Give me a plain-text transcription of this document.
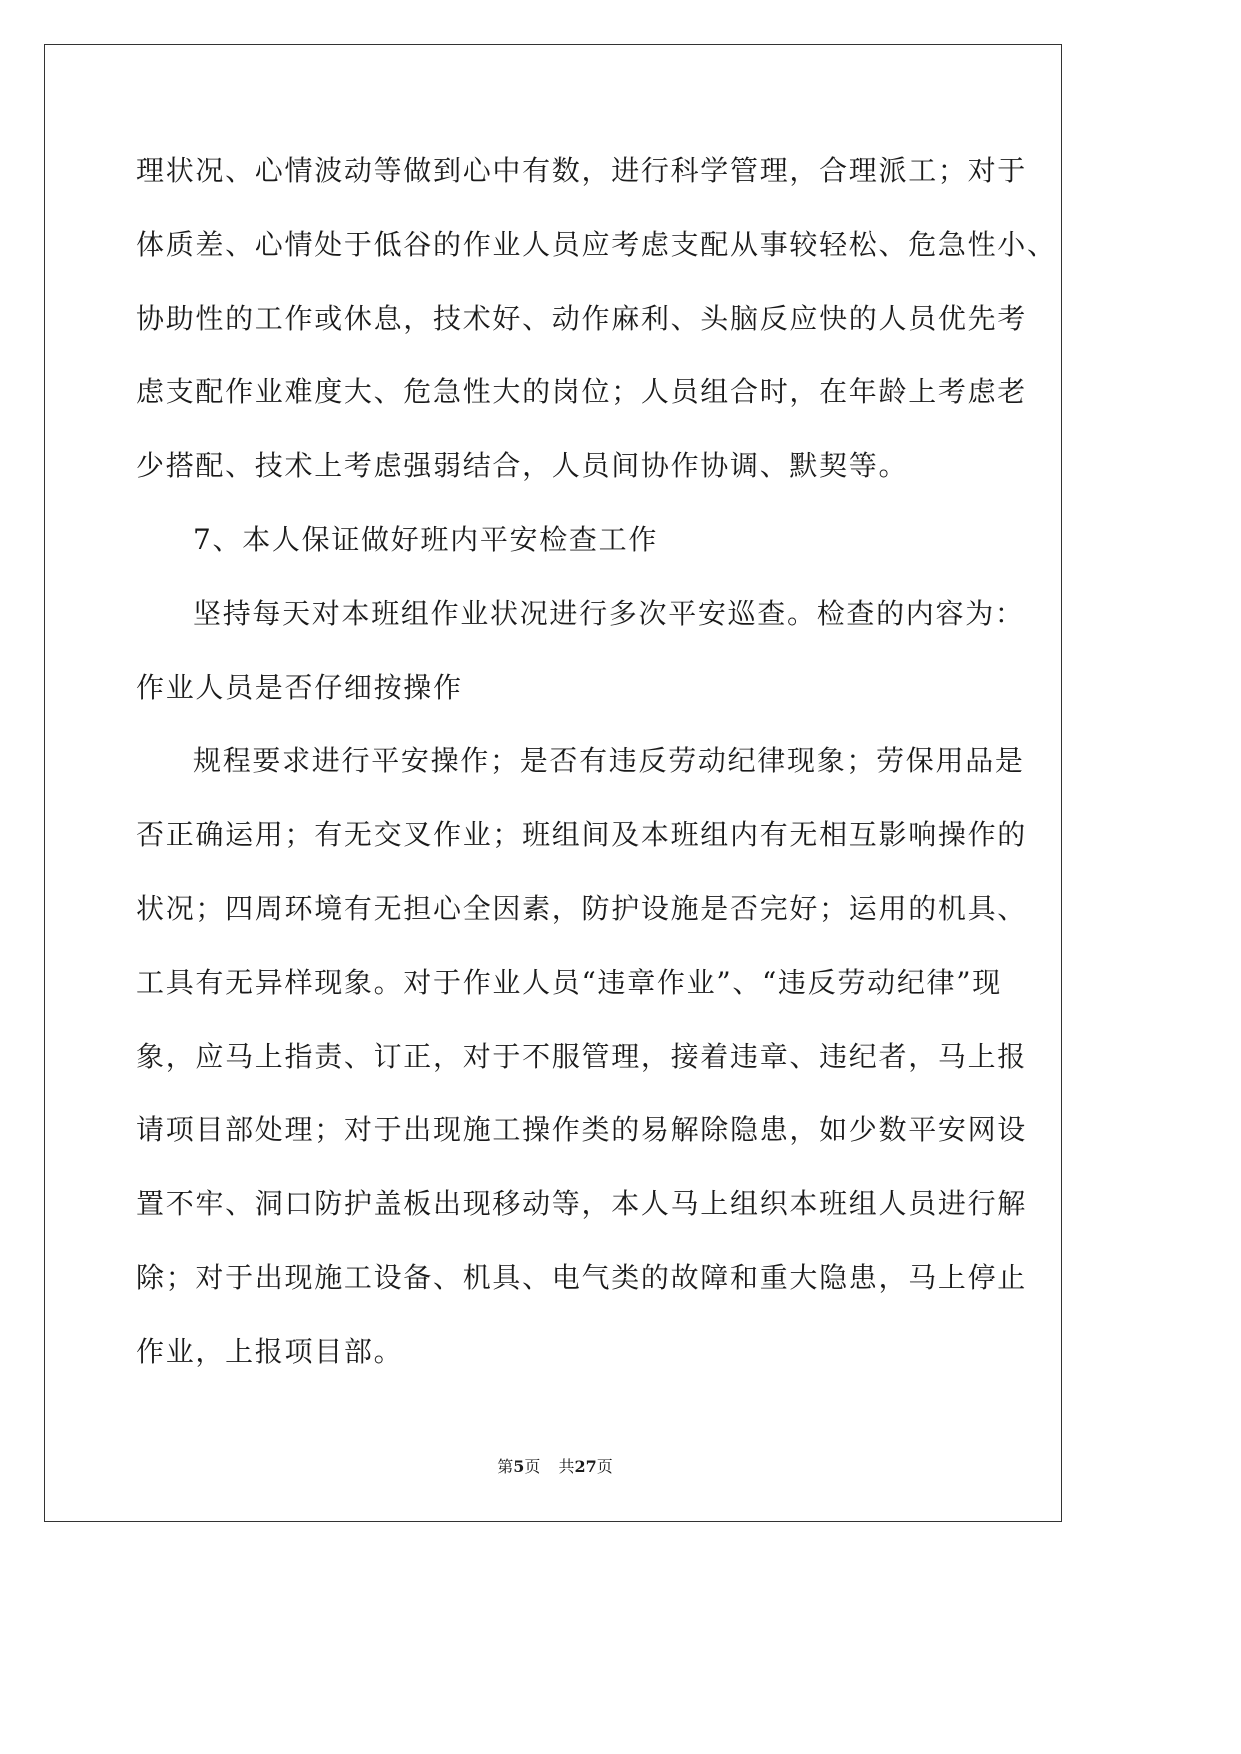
理状况、心情波动等做到心中有数，进行科学管理，合理派工；对于
体质差、心情处于低谷的作业人员应考虑支配从事较轻松、危急性小、
协助性的工作或休息，技术好、动作麻利、头脑反应快的人员优先考
虑支配作业难度大、危急性大的岗位；人员组合时，在年龄上考虑老
少搭配、技术上考虑强弱结合，人员间协作协调、默契等。
7、本人保证做好班内平安检查工作
坚持每天对本班组作业状况进行多次平安巡查。检查的内容为：
作业人员是否仔细按操作
规程要求进行平安操作；是否有违反劳动纪律现象；劳保用品是
否正确运用；有无交叉作业；班组间及本班组内有无相互影响操作的
状况；四周环境有无担心全因素，防护设施是否完好；运用的机具、
工具有无异样现象。对于作业人员“违章作业”、“违反劳动纪律”现
象，应马上指责、订正，对于不服管理，接着违章、违纪者，马上报
请项目部处理；对于出现施工操作类的易解除隐患，如少数平安网设
置不牢、洞口防护盖板出现移动等，本人马上组织本班组人员进行解
除；对于出现施工设备、机具、电气类的故障和重大隐患，马上停止
作业，上报项目部。
第5页 共27页
